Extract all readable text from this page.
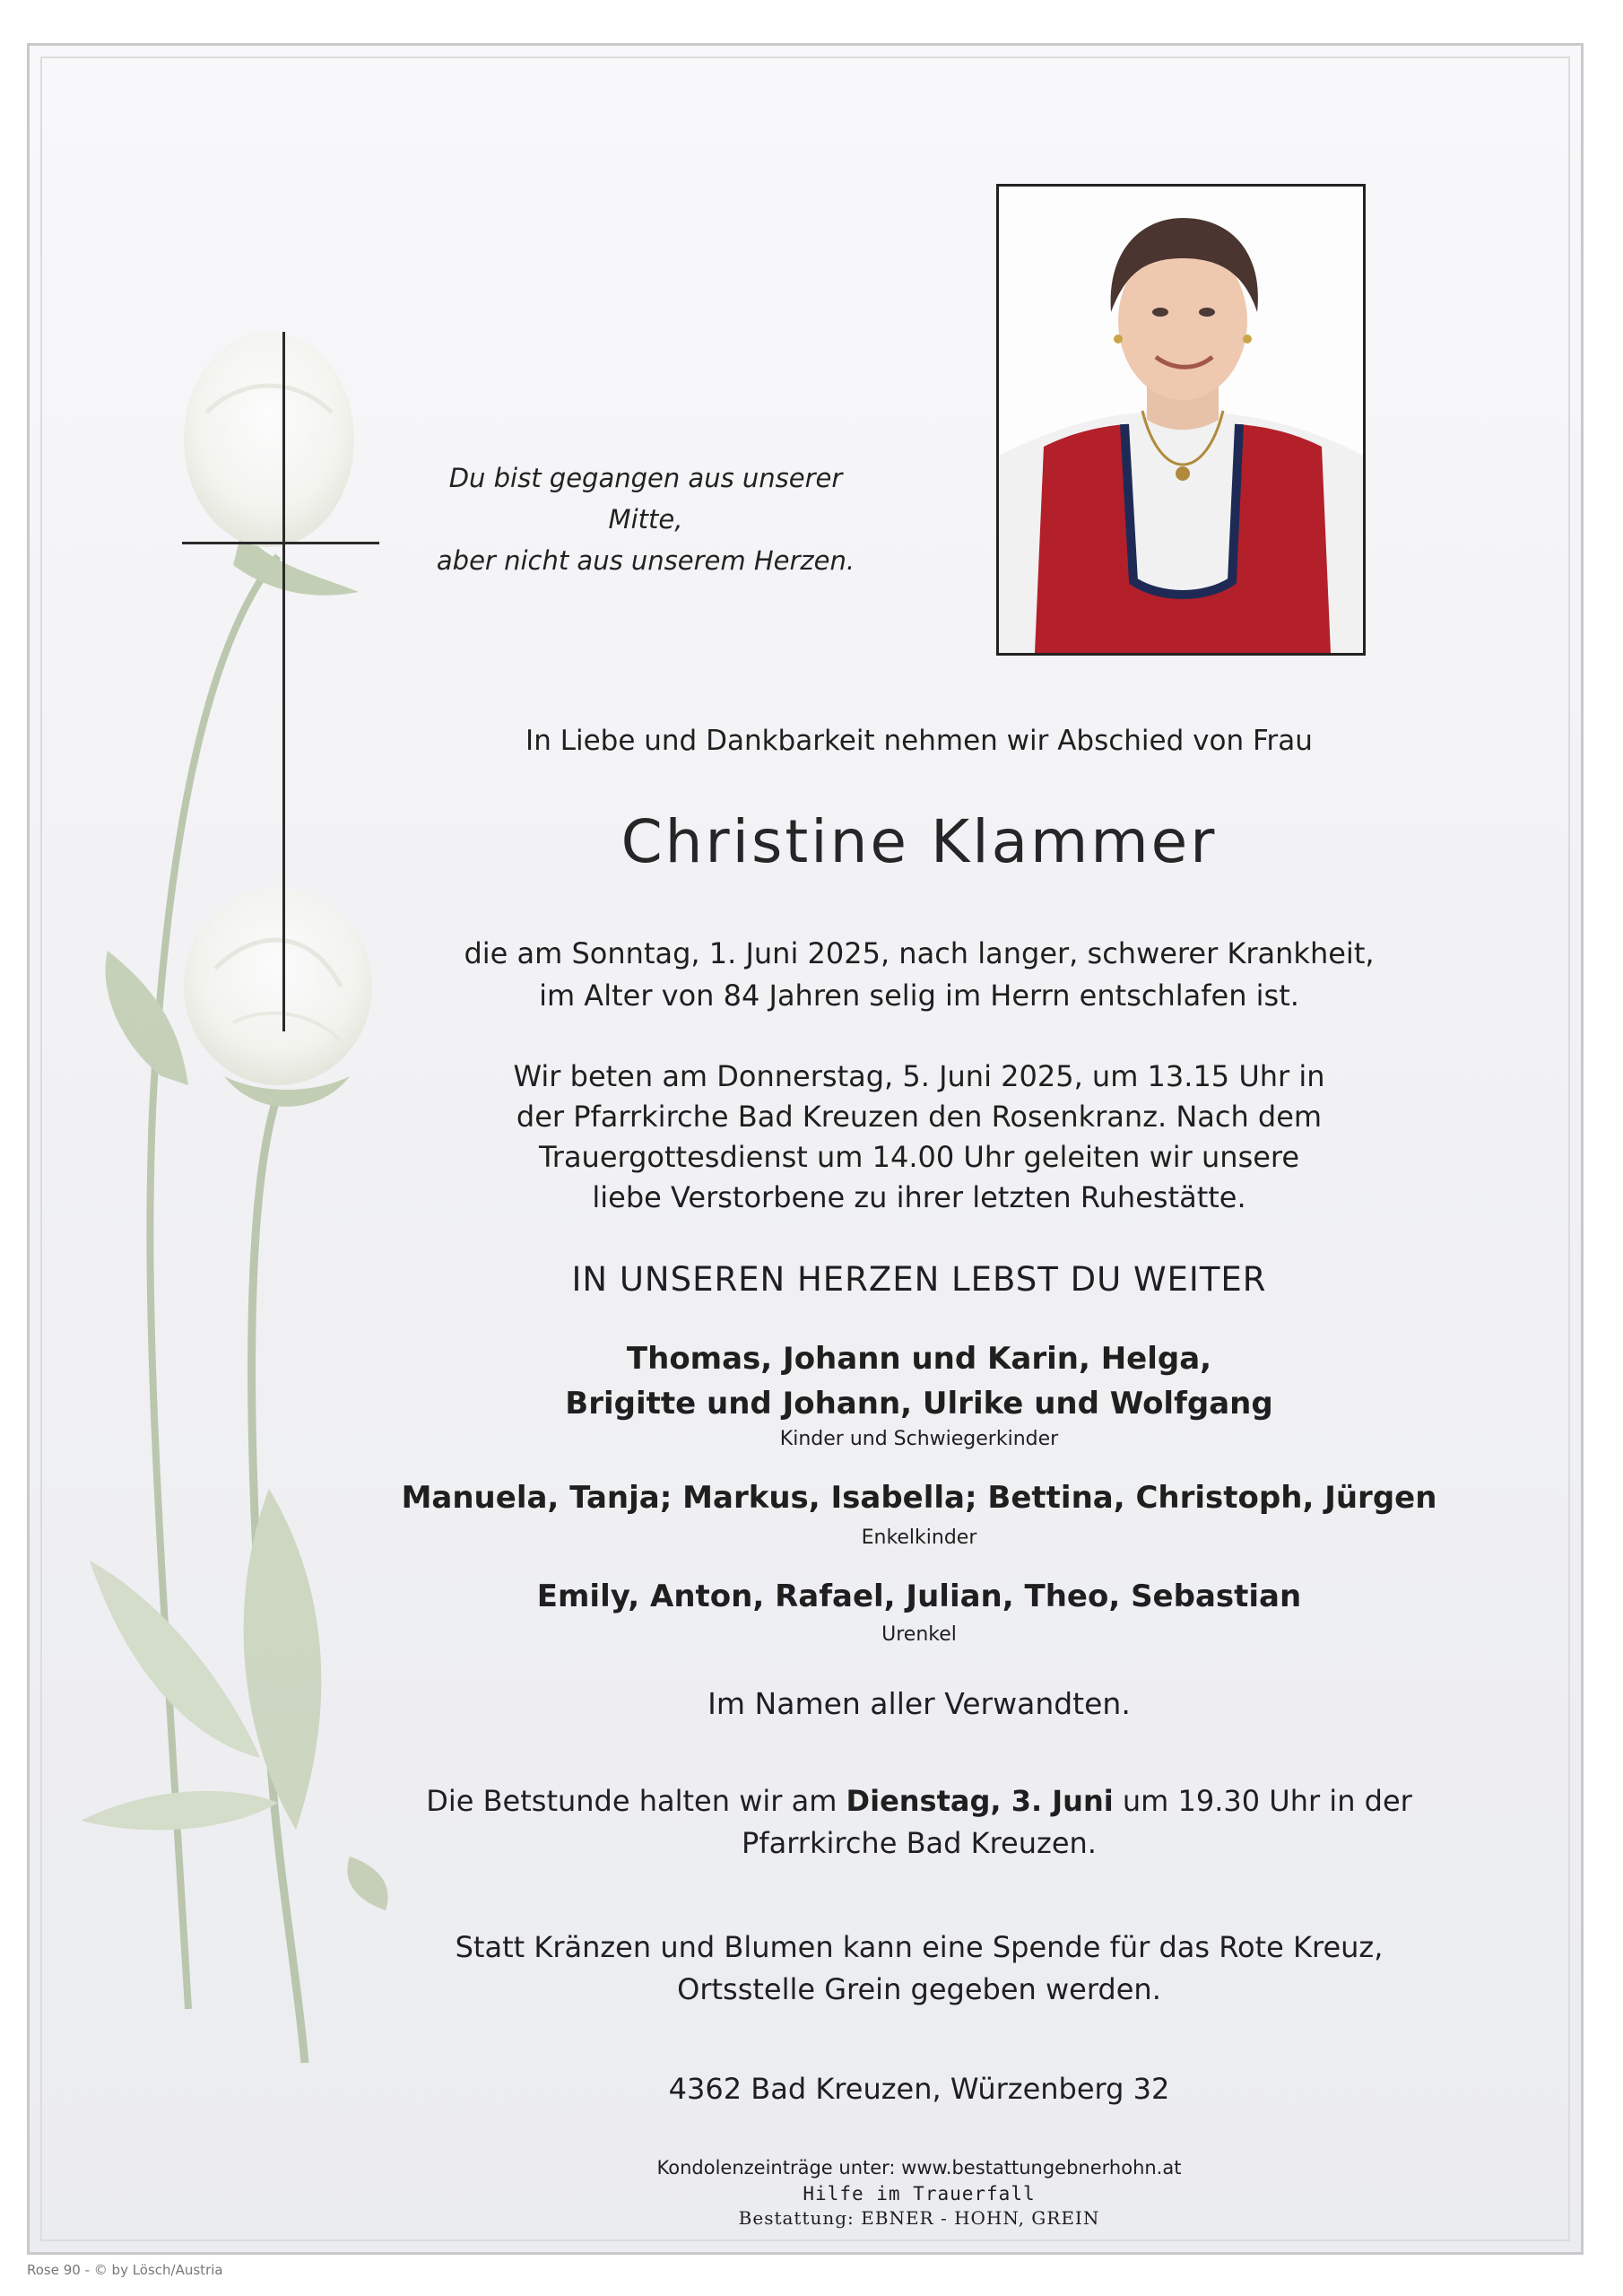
Du bist gegangen aus unserer Mitte,
aber nicht aus unserem Herzen.
In Liebe und Dankbarkeit nehmen wir Abschied von Frau
Christine Klammer
die am Sonntag, 1. Juni 2025, nach langer, schwerer Krankheit,
im Alter von 84 Jahren selig im Herrn entschlafen ist.
Wir beten am Donnerstag, 5. Juni 2025, um 13.15 Uhr in
der Pfarrkirche Bad Kreuzen den Rosenkranz. Nach dem
Trauergottesdienst um 14.00 Uhr geleiten wir unsere
liebe Verstorbene zu ihrer letzten Ruhestätte.
IN UNSEREN HERZEN LEBST DU WEITER
Thomas, Johann und Karin, Helga,
Brigitte und Johann, Ulrike und Wolfgang
Kinder und Schwiegerkinder
Manuela, Tanja; Markus, Isabella; Bettina, Christoph, Jürgen
Enkelkinder
Emily, Anton, Rafael, Julian, Theo, Sebastian
Urenkel
Im Namen aller Verwandten.
Die Betstunde halten wir am Dienstag, 3. Juni um 19.30 Uhr in der
Pfarrkirche Bad Kreuzen.
Statt Kränzen und Blumen kann eine Spende für das Rote Kreuz,
Ortsstelle Grein gegeben werden.
4362 Bad Kreuzen, Würzenberg 32
Kondolenzeinträge unter: www.bestattungebnerhohn.at
Hilfe im Trauerfall
Bestattung: EBNER - HOHN, GREIN
Rose 90 - © by Lösch/Austria
